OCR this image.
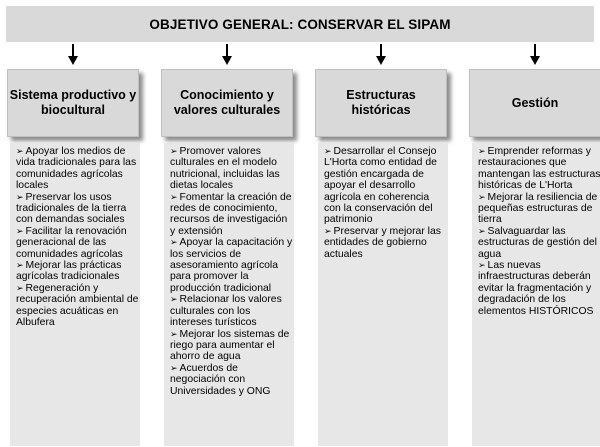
OBJETIVO GENERAL: CONSERVAR EL SIPAM
Sistema productivo y biocultural
Conocimiento y valores culturales
Estructuras históricas
Gestión
➢ Apoyar los medios de vida tradicionales para las comunidades agrícolas locales
➢ Preservar los usos tradicionales de la tierra con demandas sociales
➢ Facilitar la renovación generacional de las comunidades agrícolas
➢ Mejorar las prácticas agrícolas tradicionales
➢ Regeneración y recuperación ambiental de especies acuáticas en Albufera
➢ Promover valores culturales en el modelo nutricional, incluidas las dietas locales
➢ Fomentar la creación de redes de conocimiento, recursos de investigación y extensión
➢ Apoyar la capacitación y los servicios de asesoramiento agrícola para promover la producción tradicional
➢ Relacionar los valores culturales con los intereses turísticos
➢ Mejorar los sistemas de riego para aumentar el ahorro de agua
➢ Acuerdos de negociación con Universidades y ONG
➢ Desarrollar el Consejo L'Horta como entidad de gestión encargada de apoyar el desarrollo agrícola en coherencia con la conservación del patrimonio
➢ Preservar y mejorar las entidades de gobierno actuales
➢ Emprender reformas y restauraciones que mantengan las estructuras históricas de L'Horta
➢ Mejorar la resiliencia de pequeñas estructuras de tierra
➢ Salvaguardar las estructuras de gestión del agua
➢ Las nuevas infraestructuras deberán evitar la fragmentación y degradación de los elementos HISTÓRICOS
